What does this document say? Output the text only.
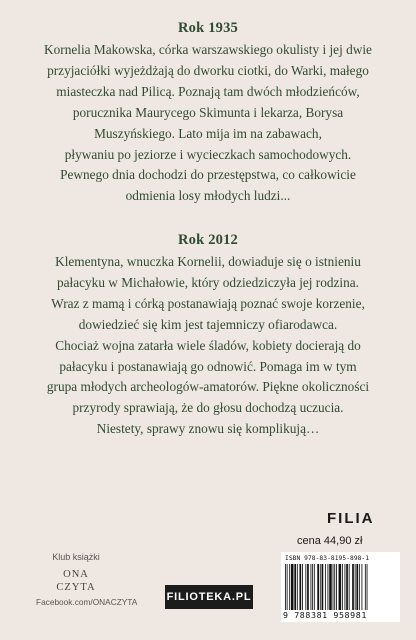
Rok 1935
Kornelia Makowska, córka warszawskiego okulisty i jej dwie
przyjaciółki wyjeżdżają do dworku ciotki, do Warki, małego
miasteczka nad Pilicą. Poznają tam dwóch młodzieńców,
porucznika Maurycego Skimunta i lekarza, Borysa
Muszyńskiego. Lato mija im na zabawach,
pływaniu po jeziorze i wycieczkach samochodowych.
Pewnego dnia dochodzi do przestępstwa, co całkowicie
odmienia losy młodych ludzi...
Rok 2012
Klementyna, wnuczka Kornelii, dowiaduje się o istnieniu
pałacyku w Michałowie, który odziedziczyła jej rodzina.
Wraz z mamą i córką postanawiają poznać swoje korzenie,
dowiedzieć się kim jest tajemniczy ofiarodawca.
Chociaż wojna zatarła wiele śladów, kobiety docierają do
pałacyku i postanawiają go odnowić. Pomaga im w tym
grupa młodych archeologów-amatorów. Piękne okoliczności
przyrody sprawiają, że do głosu dochodzą uczucia.
Niestety, sprawy znowu się komplikują…
FILIA
cena 44,90 zł
ISBN 978-83-8195-898-1
9 788381 958981
FILIOTEKA.PL
Klub książki
ONA
CZYTA
Facebook.com/ONACZYTA
